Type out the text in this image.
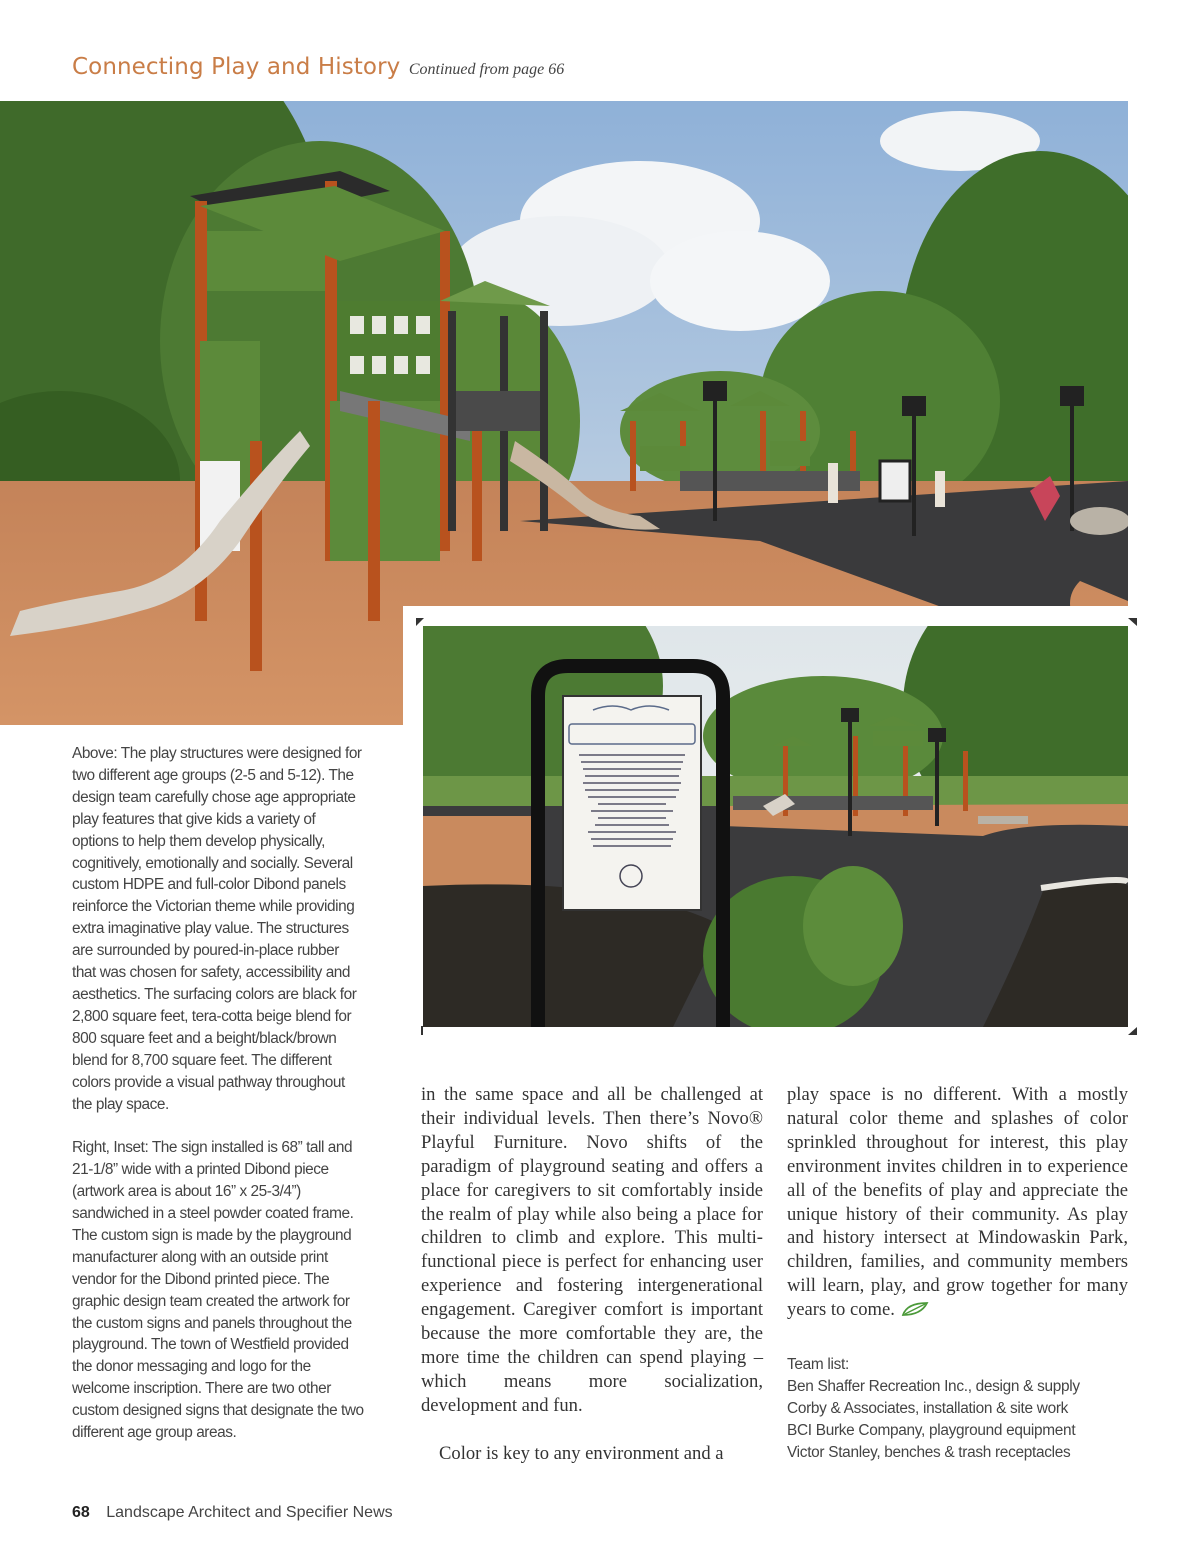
Connecting Play and History Continued from page 66

Above: The play structures were designed for two different age groups (2-5 and 5-12). The design team carefully chose age appropriate play features that give kids a variety of options to help them develop physically, cognitively, emotionally and socially. Several custom HDPE and full-color Dibond panels reinforce the Victorian theme while providing extra imaginative play value. The structures are surrounded by poured-in-place rubber that was chosen for safety, accessibility and aesthetics. The surfacing colors are black for 2,800 square feet, tera-cotta beige blend for 800 square feet and a beight/black/brown blend for 8,700 square feet. The different colors provide a visual pathway throughout the play space.

Right, Inset: The sign installed is 68” tall and 21-1/8” wide with a printed Dibond piece (artwork area is about 16” x 25-3/4”) sandwiched in a steel powder coated frame. The custom sign is made by the playground manufacturer along with an outside print vendor for the Dibond printed piece. The graphic design team created the artwork for the custom signs and panels throughout the playground. The town of Westfield provided the donor messaging and logo for the welcome inscription. There are two other custom designed signs that designate the two different age group areas.

in the same space and all be challenged at their individual levels. Then there’s Novo® Playful Furniture. Novo shifts of the paradigm of playground seating and offers a place for caregivers to sit comfortably inside the realm of play while also being a place for children to climb and explore. This multi-functional piece is perfect for enhancing user experience and fostering intergenerational engagement. Caregiver comfort is important because the more comfortable they are, the more time the children can spend playing – which means more socialization, development and fun.

Color is key to any environment and a

play space is no different. With a mostly natural color theme and splashes of color sprinkled throughout for interest, this play environment invites children in to experience all of the benefits of play and appreciate the unique history of their community. As play and history intersect at Mindowaskin Park, children, families, and community members will learn, play, and grow together for many years to come.

Team list:
Ben Shaffer Recreation Inc., design & supply
Corby & Associates, installation & site work
BCI Burke Company, playground equipment
Victor Stanley, benches & trash receptacles
68 Landscape Architect and Specifier News
